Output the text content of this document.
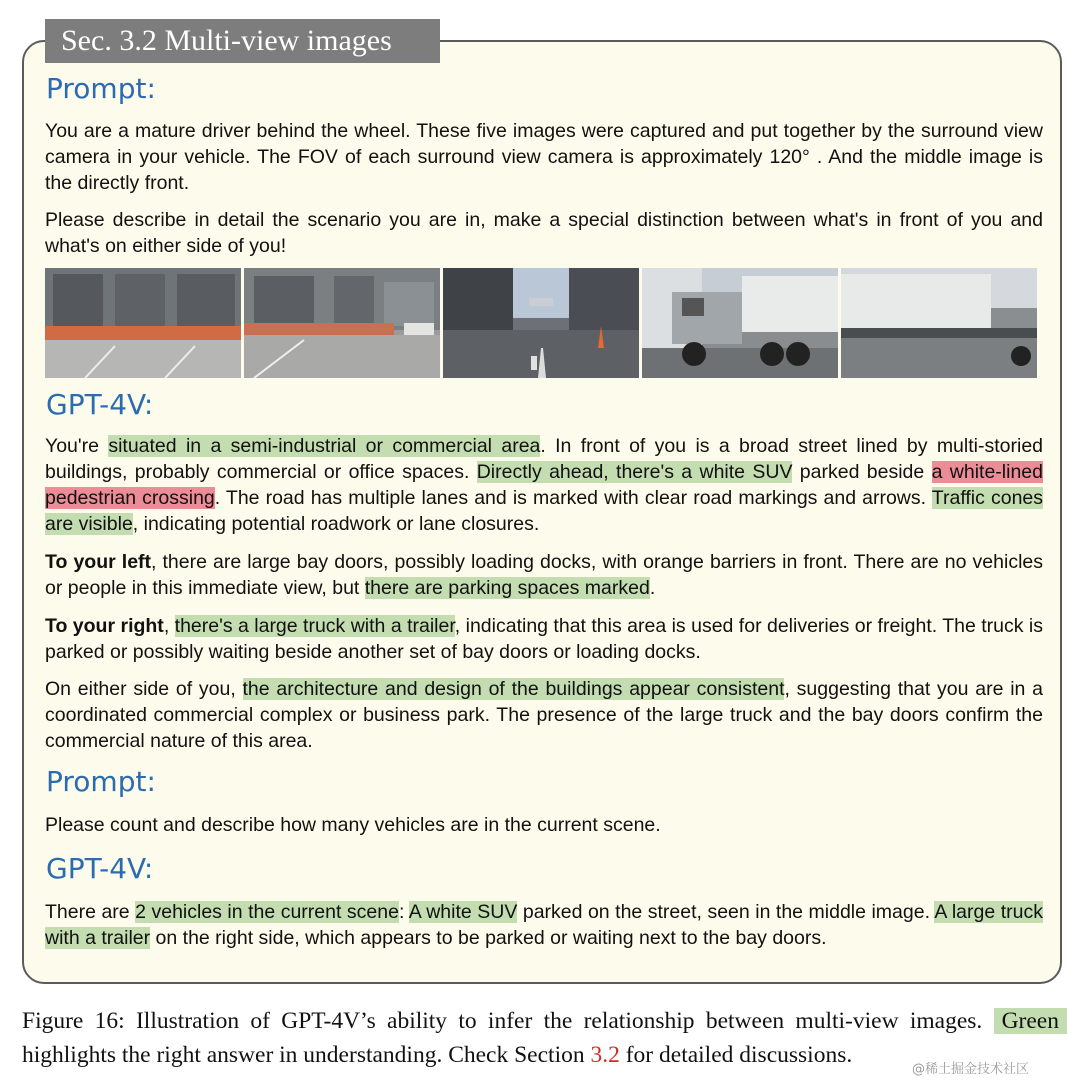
Sec. 3.2 Multi-view images
Prompt:
You are a mature driver behind the wheel. These five images were captured and put together by the surround view camera in your vehicle. The FOV of each surround view camera is approximately 120° . And the middle image is the directly front.
Please describe in detail the scenario you are in, make a special distinction between what's in front of you and what's on either side of you!
GPT-4V:
You're situated in a semi-industrial or commercial area. In front of you is a broad street lined by multi-storied buildings, probably commercial or office spaces. Directly ahead, there's a white SUV parked beside a white-lined pedestrian crossing. The road has multiple lanes and is marked with clear road markings and arrows. Traffic cones are visible, indicating potential roadwork or lane closures.
To your left, there are large bay doors, possibly loading docks, with orange barriers in front. There are no vehicles or people in this immediate view, but there are parking spaces marked.
To your right, there's a large truck with a trailer, indicating that this area is used for deliveries or freight. The truck is parked or possibly waiting beside another set of bay doors or loading docks.
On either side of you, the architecture and design of the buildings appear consistent, suggesting that you are in a coordinated commercial complex or business park. The presence of the large truck and the bay doors confirm the commercial nature of this area.
Prompt:
Please count and describe how many vehicles are in the current scene.
GPT-4V:
There are 2 vehicles in the current scene: A white SUV parked on the street, seen in the middle image. A large truck with a trailer on the right side, which appears to be parked or waiting next to the bay doors.
Figure 16: Illustration of GPT-4V’s ability to infer the relationship between multi-view images. Green highlights the right answer in understanding. Check Section 3.2 for detailed discussions.
@稀土掘金技术社区
